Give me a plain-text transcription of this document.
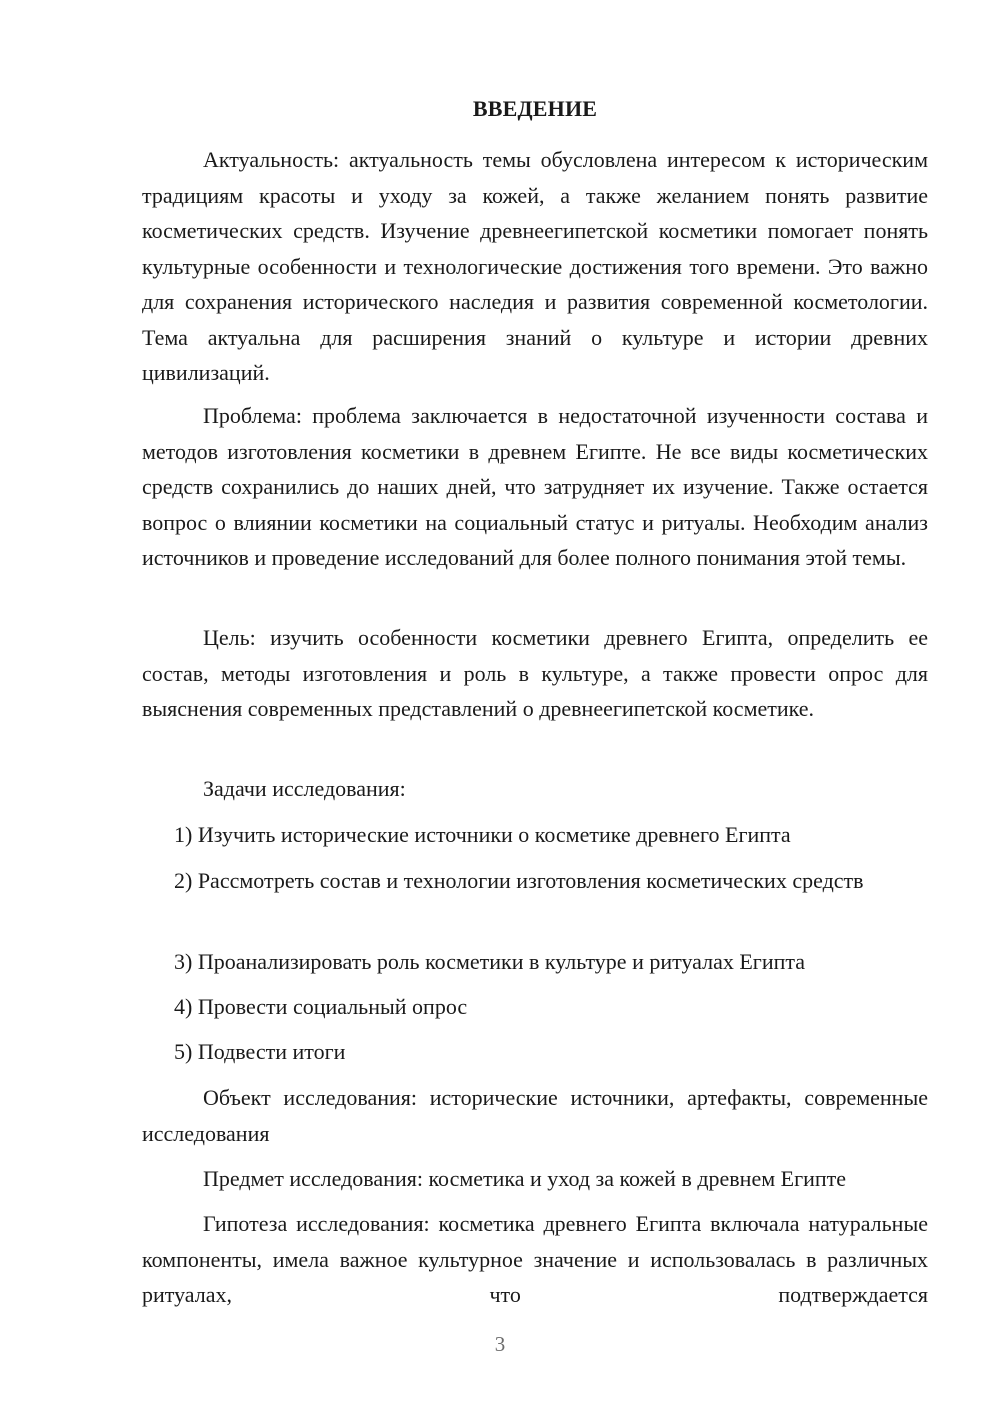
ВВЕДЕНИЕ

Актуальность: актуальность темы обусловлена интересом к историческим традициям красоты и уходу за кожей, а также желанием понять развитие косметических средств. Изучение древнеегипетской косметики помогает понять культурные особенности и технологические достижения того времени. Это важно для сохранения исторического наследия и развития современной косметологии. Тема актуальна для расширения знаний о культуре и истории древних цивилизаций.

Проблема: проблема заключается в недостаточной изученности состава и методов изготовления косметики в древнем Египте. Не все виды косметических средств сохранились до наших дней, что затрудняет их изучение. Также остается вопрос о влиянии косметики на социальный статус и ритуалы. Необходим анализ источников и проведение исследований для более полного понимания этой темы.

Цель: изучить особенности косметики древнего Египта, определить ее состав, методы изготовления и роль в культуре, а также провести опрос для выяснения современных представлений о древнеегипетской косметике.

Задачи исследования:

1) Изучить исторические источники о косметике древнего Египта

2) Рассмотреть состав и технологии изготовления косметических средств

3) Проанализировать роль косметики в культуре и ритуалах Египта

4) Провести социальный опрос

5) Подвести итоги

Объект исследования: исторические источники, артефакты, современные исследования

Предмет исследования: косметика и уход за кожей в древнем Египте

Гипотеза исследования: косметика древнего Египта включала натуральные компоненты, имела важное культурное значение и использовалась в различных ритуалах, что подтверждается

3
